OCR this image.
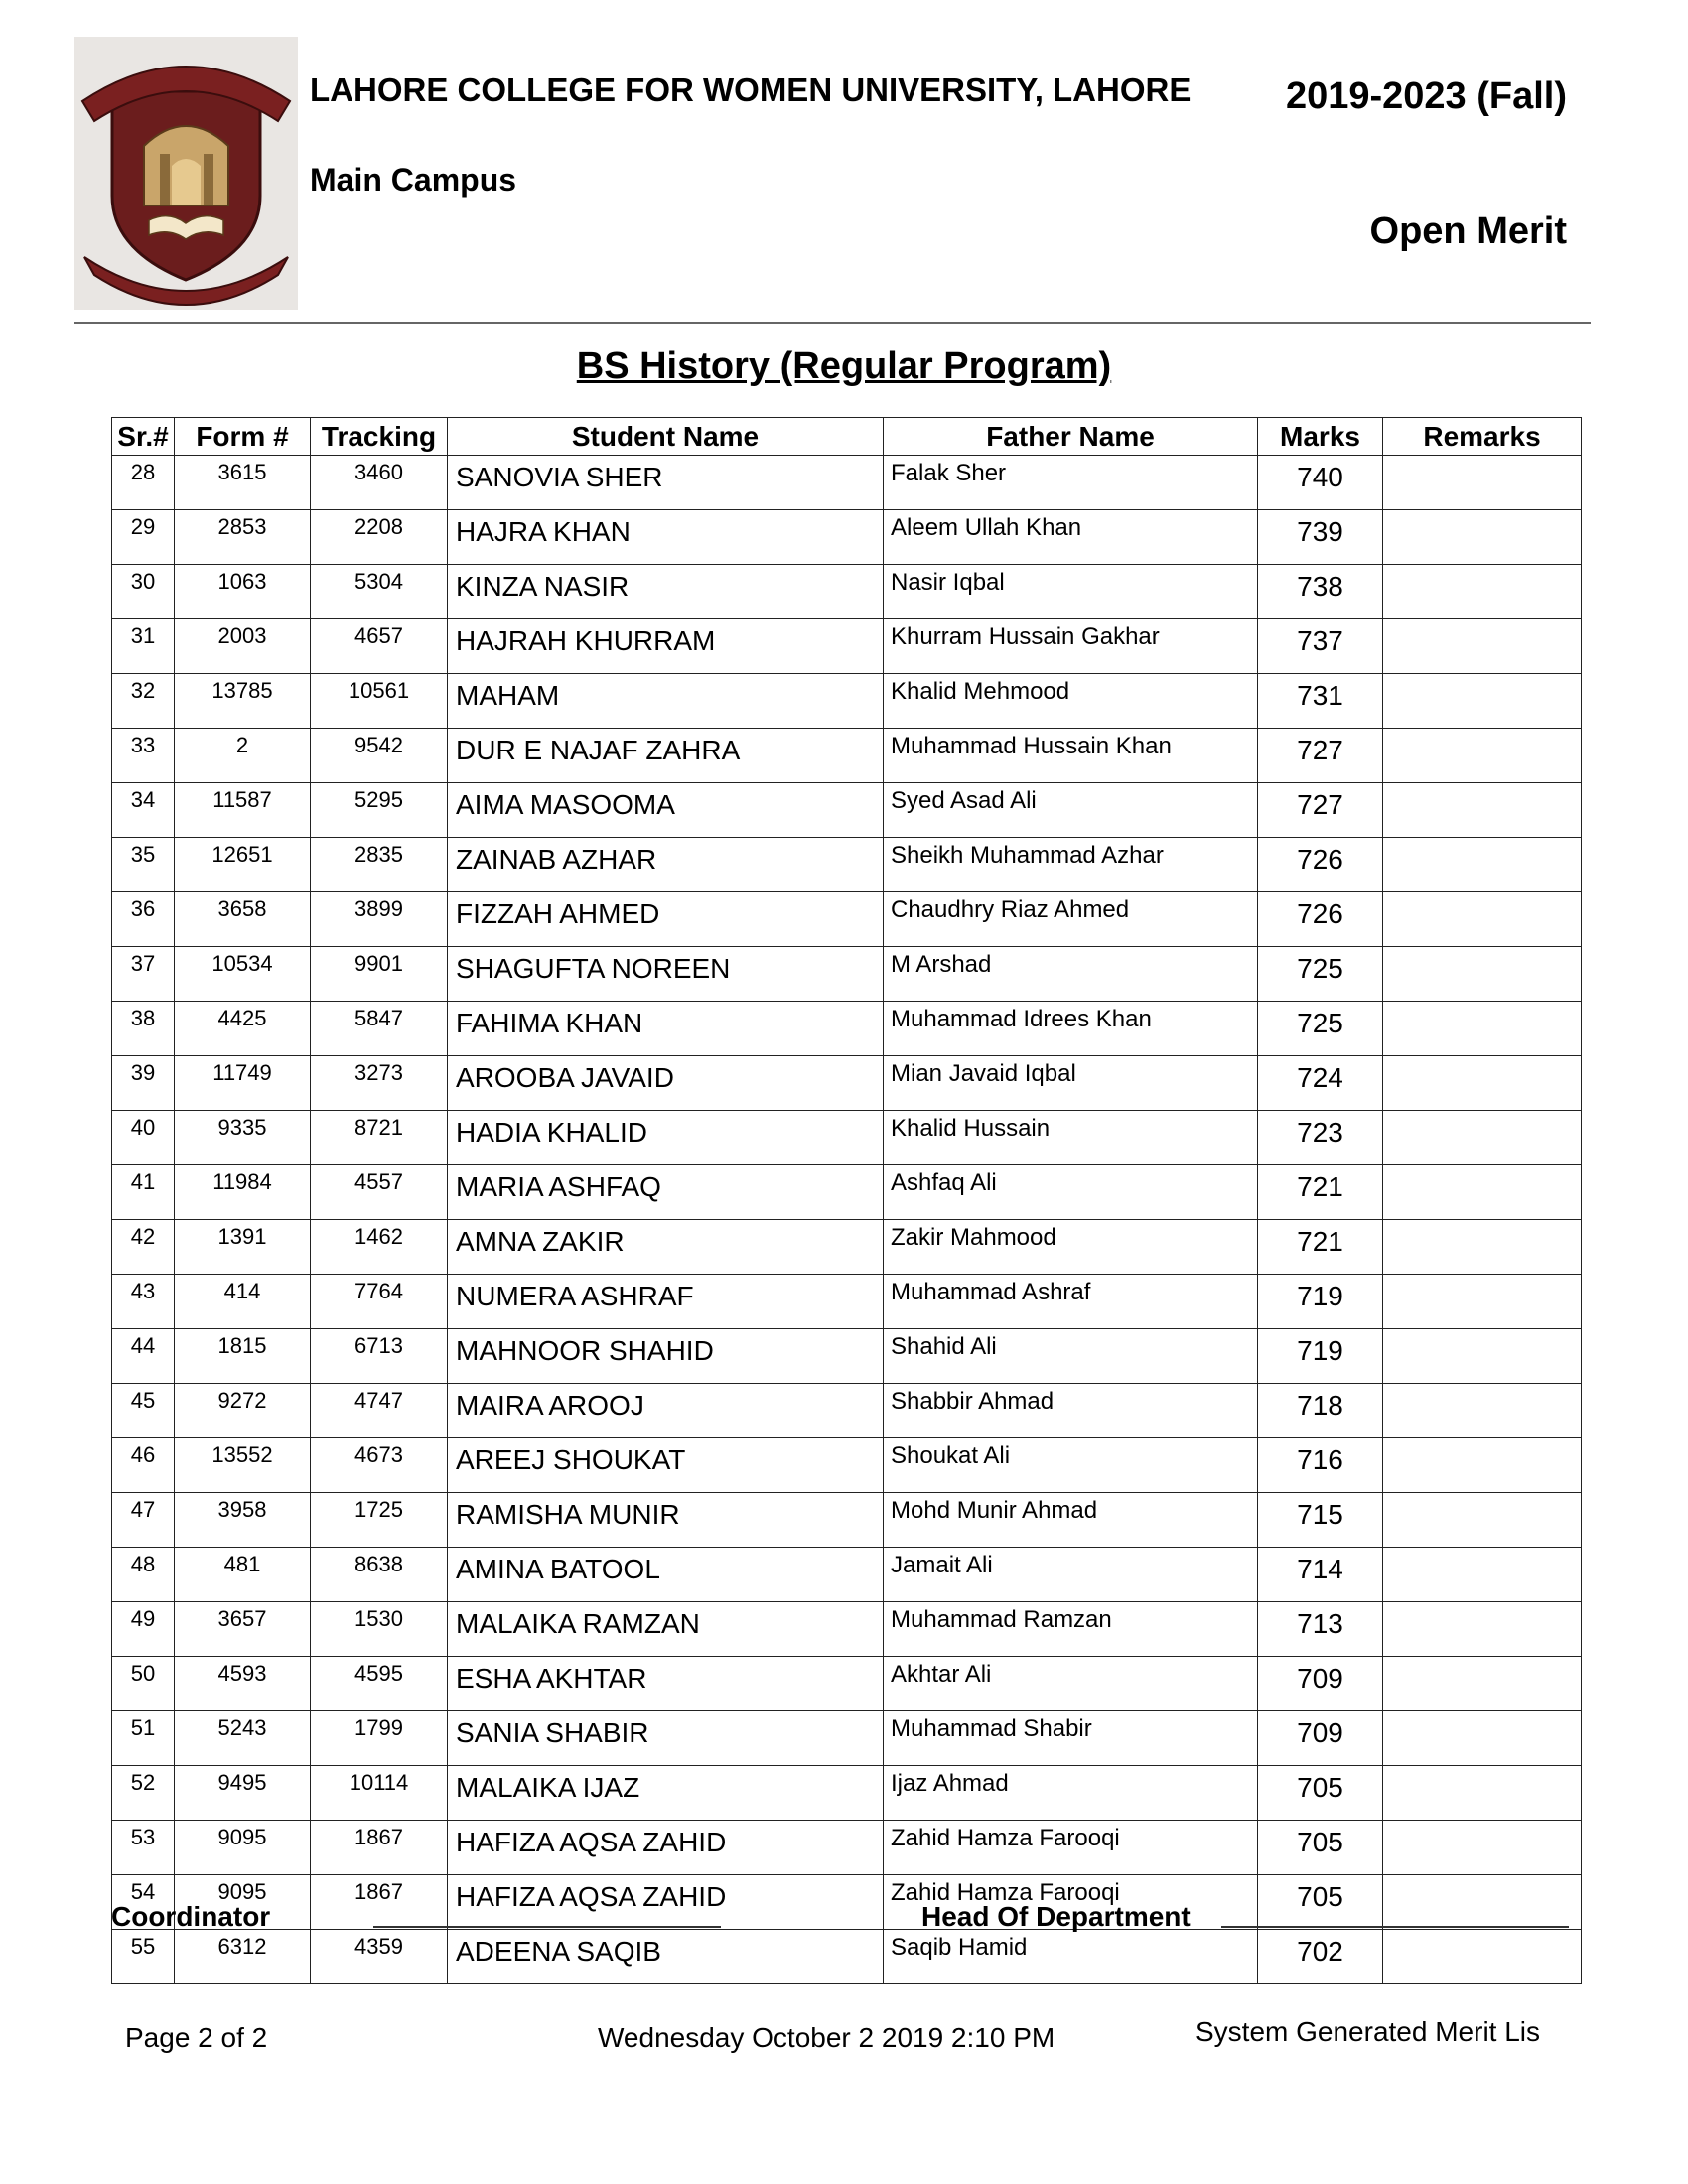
LAHORE COLLEGE FOR WOMEN UNIVERSITY, LAHORE	2019-2023 (Fall)
Main Campus
Open Merit
BS History (Regular Program)
Sr.#	Form #	Tracking	Student Name	Father Name	Marks	Remarks
28	3615	3460	SANOVIA SHER	Falak Sher	740	
29	2853	2208	HAJRA KHAN	Aleem Ullah Khan	739	
30	1063	5304	KINZA NASIR	Nasir Iqbal	738	
31	2003	4657	HAJRAH KHURRAM	Khurram Hussain Gakhar	737	
32	13785	10561	MAHAM	Khalid Mehmood	731	
33	2	9542	DUR E NAJAF ZAHRA	Muhammad Hussain Khan	727	
34	11587	5295	AIMA MASOOMA	Syed Asad Ali	727	
35	12651	2835	ZAINAB AZHAR	Sheikh Muhammad Azhar	726	
36	3658	3899	FIZZAH AHMED	Chaudhry Riaz Ahmed	726	
37	10534	9901	SHAGUFTA NOREEN	M Arshad	725	
38	4425	5847	FAHIMA KHAN	Muhammad Idrees Khan	725	
39	11749	3273	AROOBA JAVAID	Mian Javaid Iqbal	724	
40	9335	8721	HADIA KHALID	Khalid Hussain	723	
41	11984	4557	MARIA ASHFAQ	Ashfaq Ali	721	
42	1391	1462	AMNA ZAKIR	Zakir Mahmood	721	
43	414	7764	NUMERA ASHRAF	Muhammad Ashraf	719	
44	1815	6713	MAHNOOR SHAHID	Shahid Ali	719	
45	9272	4747	MAIRA AROOJ	Shabbir Ahmad	718	
46	13552	4673	AREEJ SHOUKAT	Shoukat Ali	716	
47	3958	1725	RAMISHA MUNIR	Mohd Munir Ahmad	715	
48	481	8638	AMINA BATOOL	Jamait Ali	714	
49	3657	1530	MALAIKA RAMZAN	Muhammad Ramzan	713	
50	4593	4595	ESHA AKHTAR	Akhtar Ali	709	
51	5243	1799	SANIA SHABIR	Muhammad Shabir	709	
52	9495	10114	MALAIKA IJAZ	Ijaz Ahmad	705	
53	9095	1867	HAFIZA AQSA ZAHID	Zahid Hamza Farooqi	705	
54	9095	1867	HAFIZA AQSA ZAHID	Zahid Hamza Farooqi	705	
55	6312	4359	ADEENA SAQIB	Saqib Hamid	702	
Coordinator	Head Of Department
Page 2 of 2	Wednesday October 2 2019 2:10 PM	System Generated Merit Lis
